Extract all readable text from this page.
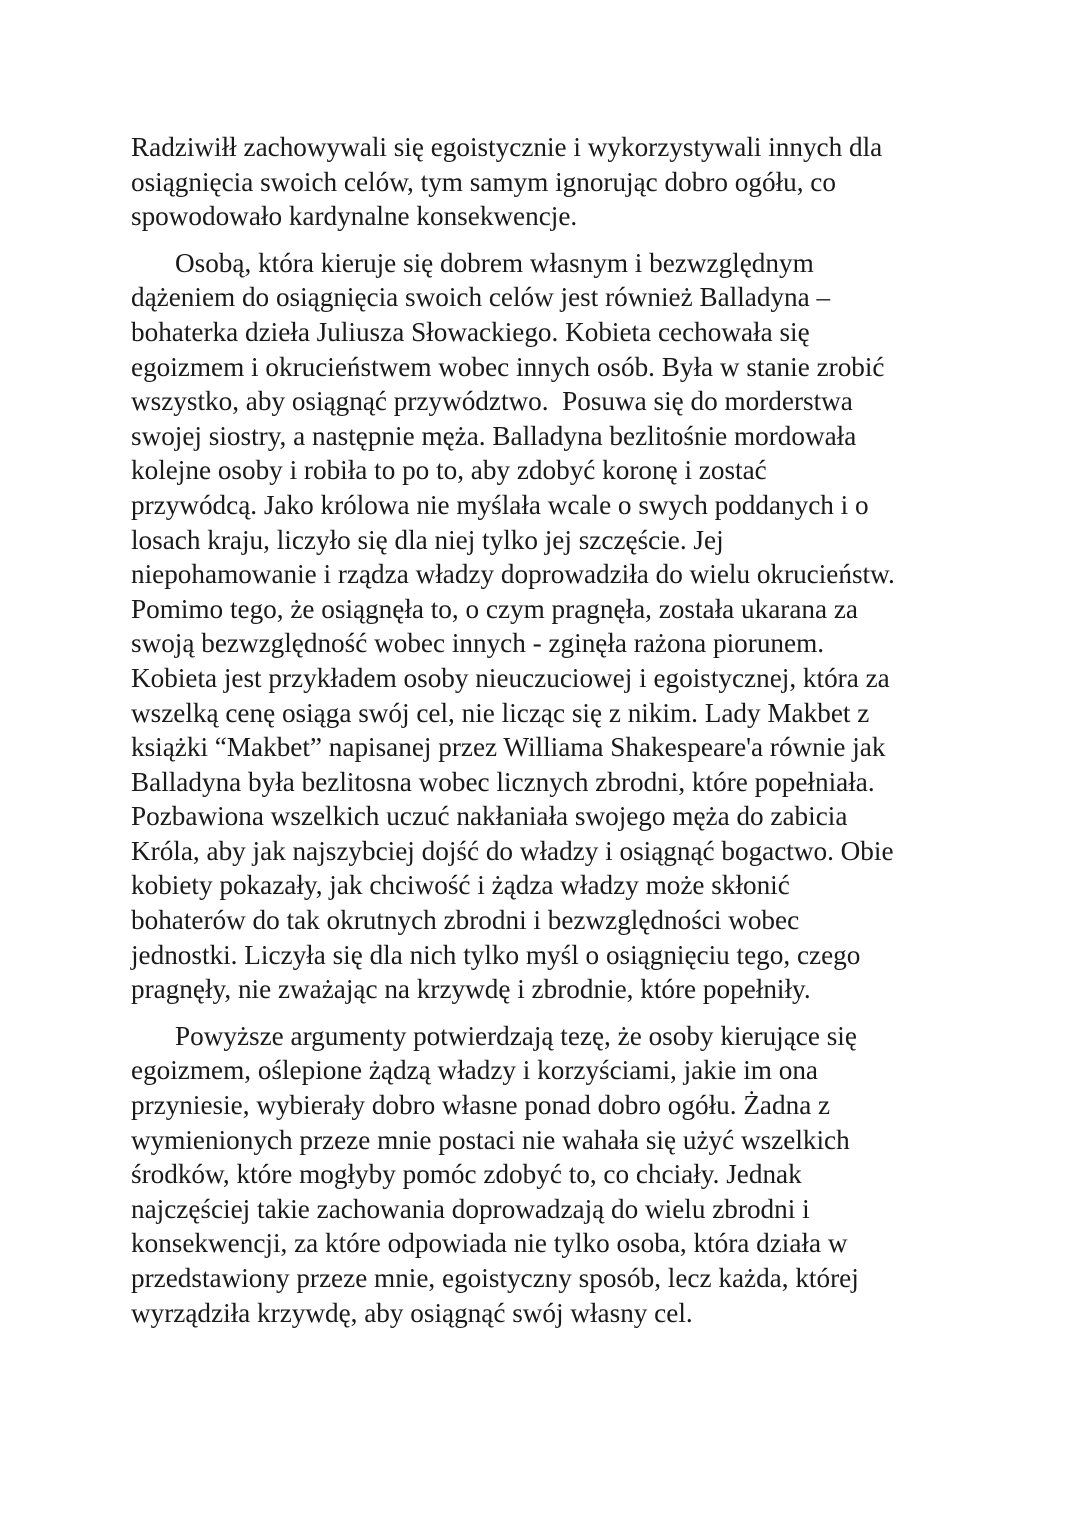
Radziwiłł zachowywali się egoistycznie i wykorzystywali innych dla
osiągnięcia swoich celów, tym samym ignorując dobro ogółu, co
spowodowało kardynalne konsekwencje.

Osobą, która kieruje się dobrem własnym i bezwzględnym
dążeniem do osiągnięcia swoich celów jest również Balladyna –
bohaterka dzieła Juliusza Słowackiego. Kobieta cechowała się
egoizmem i okrucieństwem wobec innych osób. Była w stanie zrobić
wszystko, aby osiągnąć przywództwo.  Posuwa się do morderstwa
swojej siostry, a następnie męża. Balladyna bezlitośnie mordowała
kolejne osoby i robiła to po to, aby zdobyć koronę i zostać
przywódcą. Jako królowa nie myślała wcale o swych poddanych i o
losach kraju, liczyło się dla niej tylko jej szczęście. Jej
niepohamowanie i rządza władzy doprowadziła do wielu okrucieństw.
Pomimo tego, że osiągnęła to, o czym pragnęła, została ukarana za
swoją bezwzględność wobec innych - zginęła rażona piorunem.
Kobieta jest przykładem osoby nieuczuciowej i egoistycznej, która za
wszelką cenę osiąga swój cel, nie licząc się z nikim. Lady Makbet z
książki “Makbet” napisanej przez Williama Shakespeare'a równie jak
Balladyna była bezlitosna wobec licznych zbrodni, które popełniała.
Pozbawiona wszelkich uczuć nakłaniała swojego męża do zabicia
Króla, aby jak najszybciej dojść do władzy i osiągnąć bogactwo. Obie
kobiety pokazały, jak chciwość i żądza władzy może skłonić
bohaterów do tak okrutnych zbrodni i bezwzględności wobec
jednostki. Liczyła się dla nich tylko myśl o osiągnięciu tego, czego
pragnęły, nie zważając na krzywdę i zbrodnie, które popełniły.

Powyższe argumenty potwierdzają tezę, że osoby kierujące się
egoizmem, oślepione żądzą władzy i korzyściami, jakie im ona
przyniesie, wybierały dobro własne ponad dobro ogółu. Żadna z
wymienionych przeze mnie postaci nie wahała się użyć wszelkich
środków, które mogłyby pomóc zdobyć to, co chciały. Jednak
najczęściej takie zachowania doprowadzają do wielu zbrodni i
konsekwencji, za które odpowiada nie tylko osoba, która działa w
przedstawiony przeze mnie, egoistyczny sposób, lecz każda, której
wyrządziła krzywdę, aby osiągnąć swój własny cel.
